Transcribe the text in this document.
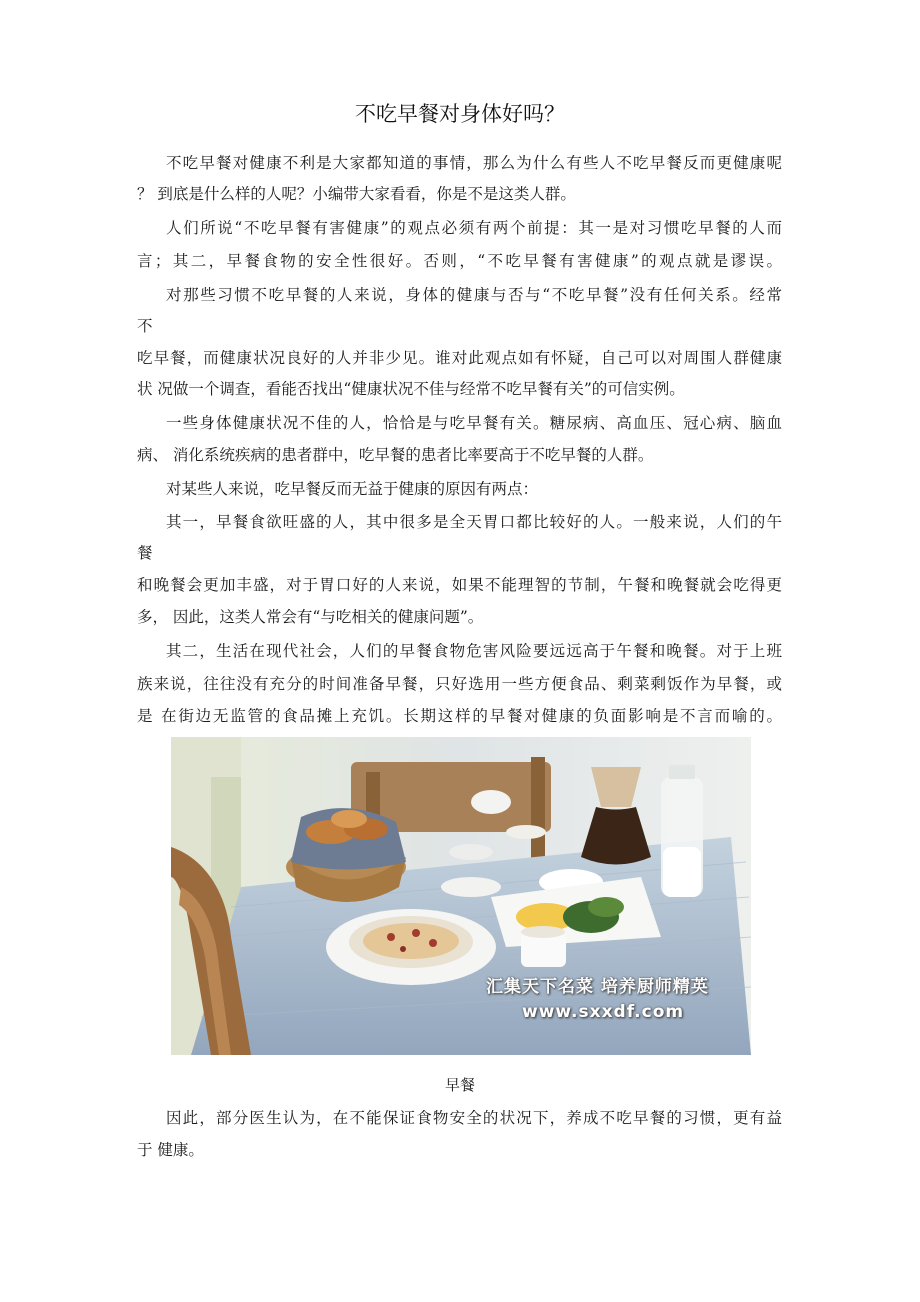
不吃早餐对身体好吗？
不吃早餐对健康不利是大家都知道的事情，那么为什么有些人不吃早餐反而更健康呢
？ 到底是什么样的人呢？小编带大家看看，你是不是这类人群。
人们所说“不吃早餐有害健康”的观点必须有两个前提：其一是对习惯吃早餐的人而
言；其二，早餐食物的安全性很好。否则，“不吃早餐有害健康”的观点就是谬误。
对那些习惯不吃早餐的人来说，身体的健康与否与“不吃早餐”没有任何关系。经常
不
吃早餐，而健康状况良好的人并非少见。谁对此观点如有怀疑，自己可以对周围人群健康
状 况做一个调查，看能否找出“健康状况不佳与经常不吃早餐有关”的可信实例。
一些身体健康状况不佳的人，恰恰是与吃早餐有关。糖尿病、高血压、冠心病、脑血
病、 消化系统疾病的患者群中，吃早餐的患者比率要高于不吃早餐的人群。
对某些人来说，吃早餐反而无益于健康的原因有两点：
其一，早餐食欲旺盛的人，其中很多是全天胃口都比较好的人。一般来说，人们的午
餐
和晚餐会更加丰盛，对于胃口好的人来说，如果不能理智的节制，午餐和晚餐就会吃得更
多， 因此，这类人常会有“与吃相关的健康问题”。
其二，生活在现代社会，人们的早餐食物危害风险要远远高于午餐和晚餐。对于上班
族来说，往往没有充分的时间准备早餐，只好选用一些方便食品、剩菜剩饭作为早餐，或
是 在街边无监管的食品摊上充饥。长期这样的早餐对健康的负面影响是不言而喻的。
汇集天下名菜 培养厨师精英
www.sxxdf.com
早餐
因此，部分医生认为，在不能保证食物安全的状况下，养成不吃早餐的习惯，更有益
于 健康。
